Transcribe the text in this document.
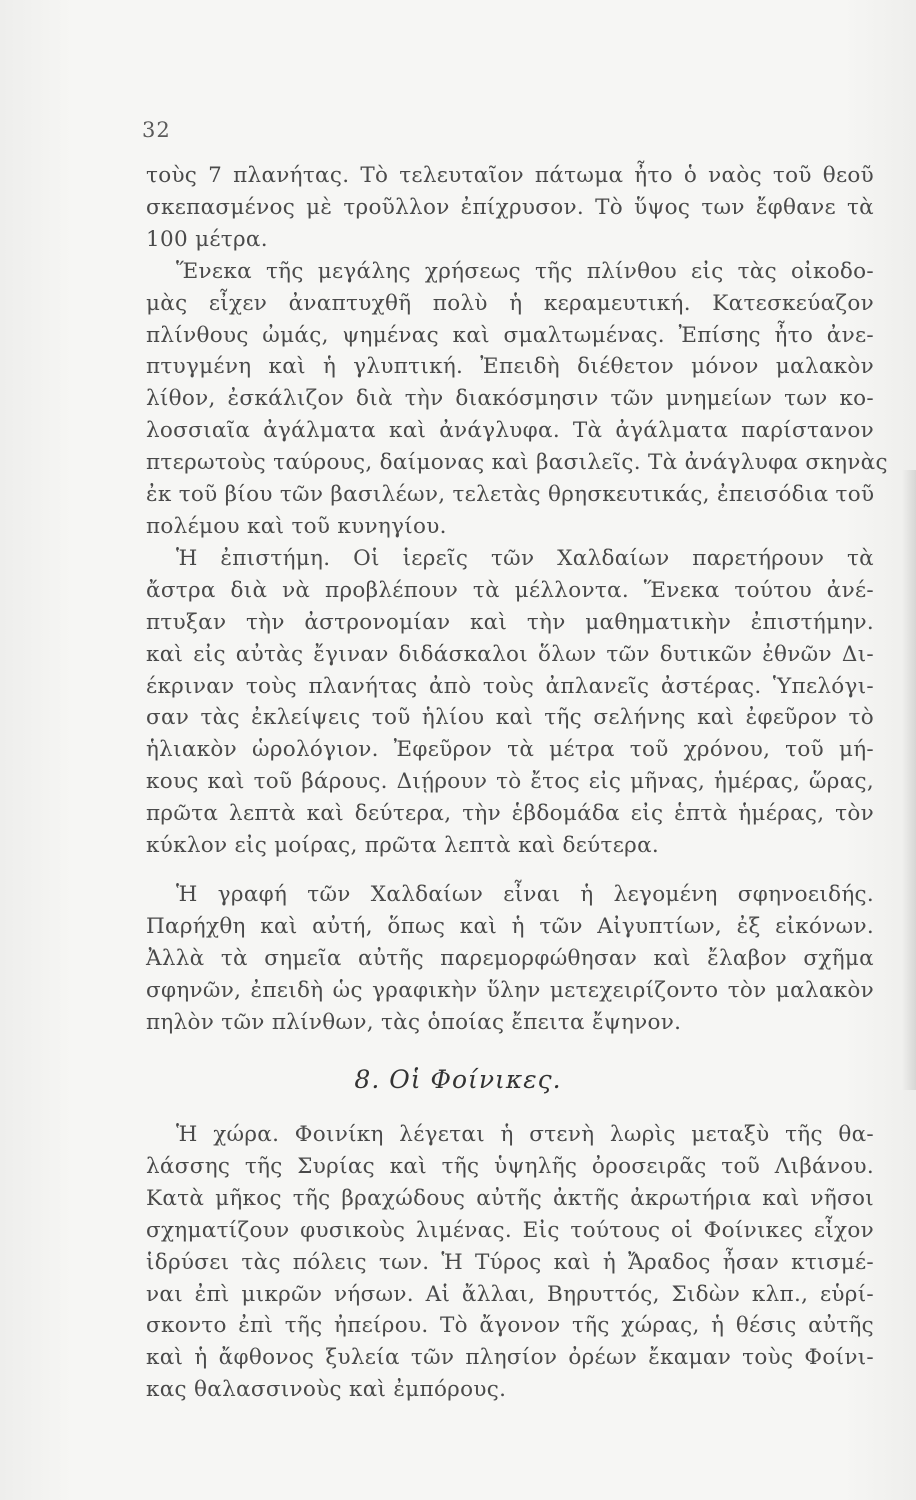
32
τοὺς 7 πλανήτας. Τὸ τελευταῖον πάτωμα ἦτο ὁ ναὸς τοῦ θεοῦ
σκεπασμένος μὲ τροῦλλον ἐπίχρυσον. Τὸ ὕψος των ἔφθανε τὰ
100 μέτρα.
Ἕνεκα τῆς μεγάλης χρήσεως τῆς πλίνθου εἰς τὰς οἰκοδο-
μὰς εἶχεν ἀναπτυχθῆ πολὺ ἡ κεραμευτική. Κατεσκεύαζον
πλίνθους ὠμάς, ψημένας καὶ σμαλτωμένας. Ἐπίσης ἦτο ἀνε-
πτυγμένη καὶ ἡ γλυπτική. Ἐπειδὴ διέθετον μόνον μαλακὸν
λίθον, ἐσκάλιζον διὰ τὴν διακόσμησιν τῶν μνημείων των κο-
λοσσιαῖα ἀγάλματα καὶ ἀνάγλυφα. Τὰ ἀγάλματα παρίστανον
πτερωτοὺς ταύρους, δαίμονας καὶ βασιλεῖς. Τὰ ἀνάγλυφα σκηνὰς
ἐκ τοῦ βίου τῶν βασιλέων, τελετὰς θρησκευτικάς, ἐπεισόδια τοῦ
πολέμου καὶ τοῦ κυνηγίου.
Ἡ ἐπιστήμη. Οἱ ἱερεῖς τῶν Χαλδαίων παρετήρουν τὰ
ἄστρα διὰ νὰ προβλέπουν τὰ μέλλοντα. Ἕνεκα τούτου ἀνέ-
πτυξαν τὴν ἀστρονομίαν καὶ τὴν μαθηματικὴν ἐπιστήμην.
καὶ εἰς αὐτὰς ἔγιναν διδάσκαλοι ὅλων τῶν δυτικῶν ἐθνῶν Δι-
έκριναν τοὺς πλανήτας ἀπὸ τοὺς ἀπλανεῖς ἀστέρας. Ὑπελόγι-
σαν τὰς ἐκλείψεις τοῦ ἡλίου καὶ τῆς σελήνης καὶ ἐφεῦρον τὸ
ἡλιακὸν ὡρολόγιον. Ἐφεῦρον τὰ μέτρα τοῦ χρόνου, τοῦ μή-
κους καὶ τοῦ βάρους. Διῄρουν τὸ ἔτος εἰς μῆνας, ἡμέρας, ὥρας,
πρῶτα λεπτὰ καὶ δεύτερα, τὴν ἑβδομάδα εἰς ἑπτὰ ἡμέρας, τὸν
κύκλον εἰς μοίρας, πρῶτα λεπτὰ καὶ δεύτερα.
Ἡ γραφή τῶν Χαλδαίων εἶναι ἡ λεγομένη σφηνοειδής.
Παρήχθη καὶ αὐτή, ὅπως καὶ ἡ τῶν Αἰγυπτίων, ἐξ εἰκόνων.
Ἀλλὰ τὰ σημεῖα αὐτῆς παρεμορφώθησαν καὶ ἔλαβον σχῆμα
σφηνῶν, ἐπειδὴ ὡς γραφικὴν ὕλην μετεχειρίζοντο τὸν μαλακὸν
πηλὸν τῶν πλίνθων, τὰς ὁποίας ἔπειτα ἔψηνον.
8. Οἱ Φοίνικες.
Ἡ χώρα. Φοινίκη λέγεται ἡ στενὴ λωρὶς μεταξὺ τῆς θα-
λάσσης τῆς Συρίας καὶ τῆς ὑψηλῆς ὀροσειρᾶς τοῦ Λιβάνου.
Κατὰ μῆκος τῆς βραχώδους αὐτῆς ἀκτῆς ἀκρωτήρια καὶ νῆσοι
σχηματίζουν φυσικοὺς λιμένας. Εἰς τούτους οἱ Φοίνικες εἶχον
ἱδρύσει τὰς πόλεις των. Ἡ Τύρος καὶ ἡ Ἄραδος ἦσαν κτισμέ-
ναι ἐπὶ μικρῶν νήσων. Αἱ ἄλλαι, Βηρυττός, Σιδὼν κλπ., εὑρί-
σκοντο ἐπὶ τῆς ἠπείρου. Τὸ ἄγονον τῆς χώρας, ἡ θέσις αὐτῆς
καὶ ἡ ἄφθονος ξυλεία τῶν πλησίον ὀρέων ἔκαμαν τοὺς Φοίνι-
κας θαλασσινοὺς καὶ ἐμπόρους.
